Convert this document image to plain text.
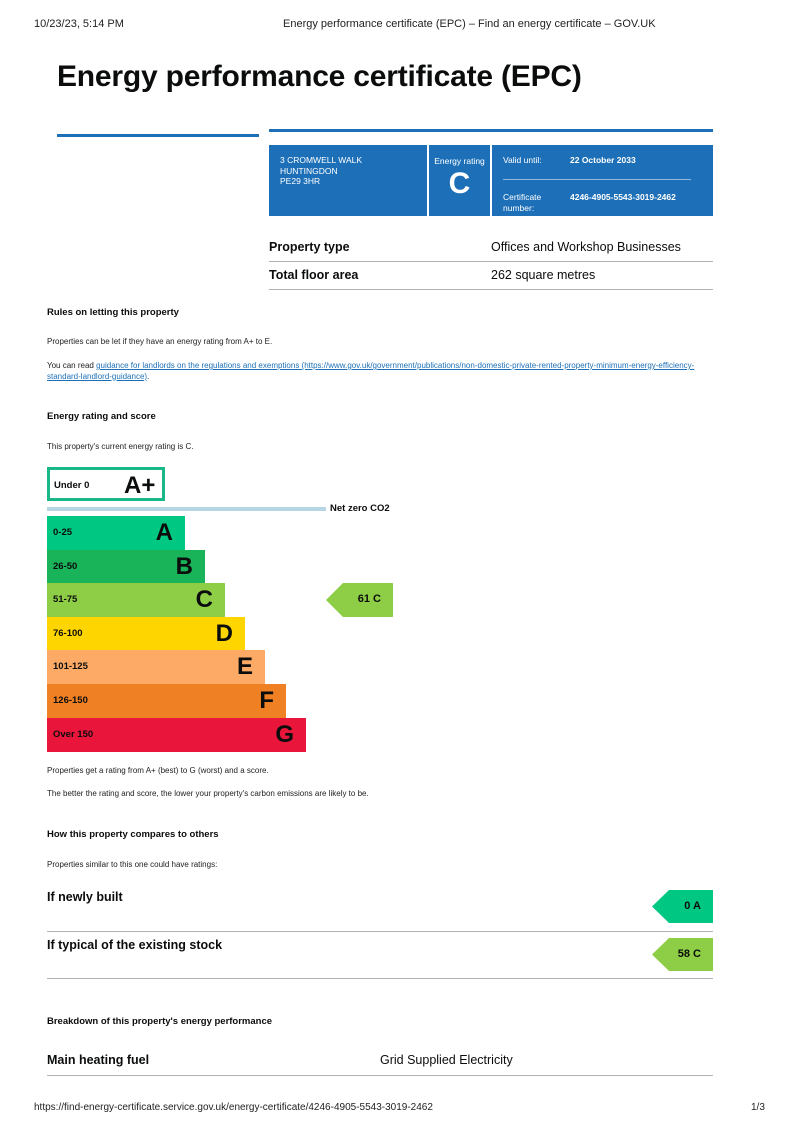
10/23/23, 5:14 PM	Energy performance certificate (EPC) – Find an energy certificate – GOV.UK
Energy performance certificate (EPC)
3 CROMWELL WALK
HUNTINGDON
PE29 3HR
Energy rating
C
Valid until:	22 October 2033
Certificate
number:
4246-4905-5543-3019-2462
Property type	Offices and Workshop Businesses
Total floor area	262 square metres
Rules on letting this property
Properties can be let if they have an energy rating from A+ to E.
You can read guidance for landlords on the regulations and exemptions (https://www.gov.uk/government/publications/non-domestic-private-rented-property-minimum-energy-efficiency-
standard-landlord-guidance).
Energy rating and score
This property's current energy rating is C.
Under 0 A+
Net zero CO2
0-25	A
26-50	B
51-75	C
76-100	D
101-125	E
126-150	F
Over 150	G
61 C
Properties get a rating from A+ (best) to G (worst) and a score.
The better the rating and score, the lower your property's carbon emissions are likely to be.
How this property compares to others
Properties similar to this one could have ratings:
If newly built
0 A
If typical of the existing stock
58 C
Breakdown of this property's energy performance
Main heating fuel	Grid Supplied Electricity
https://find-energy-certificate.service.gov.uk/energy-certificate/4246-4905-5543-3019-2462	1/3
